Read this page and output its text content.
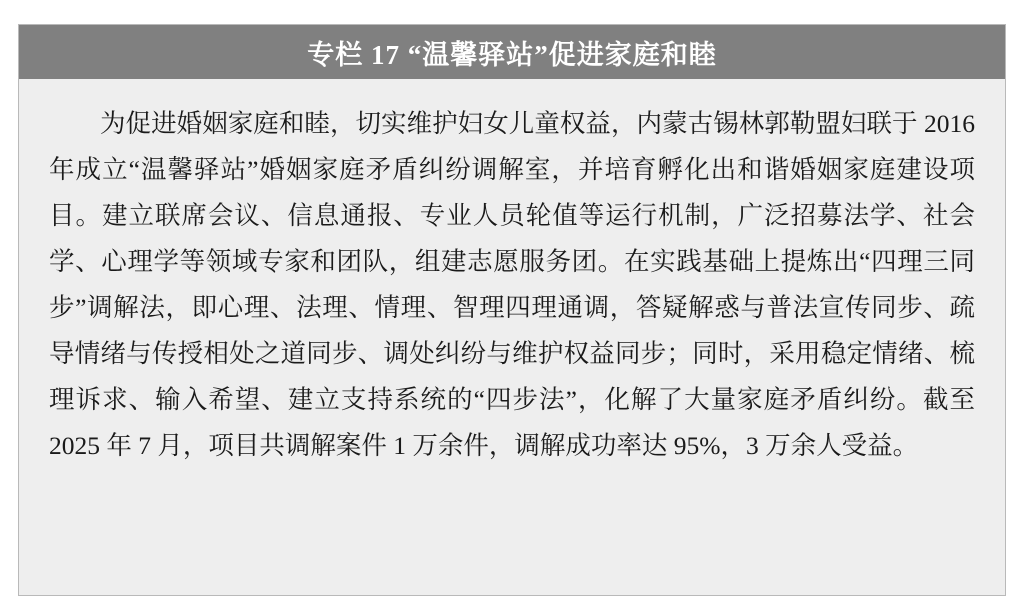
专栏 17 “温馨驿站”促进家庭和睦

为促进婚姻家庭和睦，切实维护妇女儿童权益，内蒙古锡林郭勒盟妇联于 2016 年成立“温馨驿站”婚姻家庭矛盾纠纷调解室，并培育孵化出和谐婚姻家庭建设项目。建立联席会议、信息通报、专业人员轮值等运行机制，广泛招募法学、社会学、心理学等领域专家和团队，组建志愿服务团。在实践基础上提炼出“四理三同步”调解法，即心理、法理、情理、智理四理通调，答疑解惑与普法宣传同步、疏导情绪与传授相处之道同步、调处纠纷与维护权益同步；同时，采用稳定情绪、梳理诉求、输入希望、建立支持系统的“四步法”，化解了大量家庭矛盾纠纷。截至 2025 年 7 月，项目共调解案件 1 万余件，调解成功率达 95%，3 万余人受益。
